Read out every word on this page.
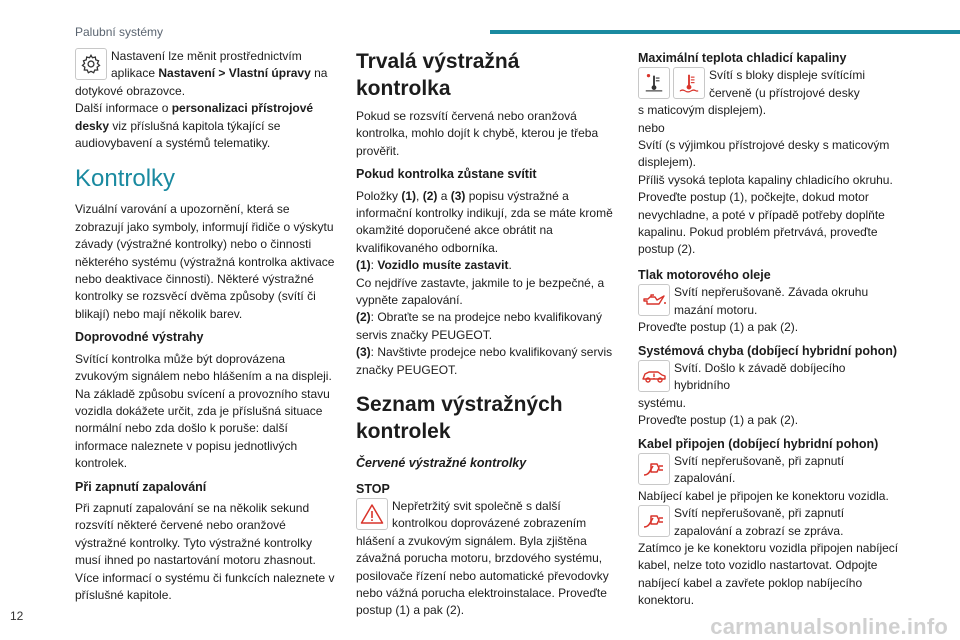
Palubní systémy

Nastavení lze měnit prostřednictvím

aplikace Nastavení > Vlastní úpravy na

dotykové obrazovce.

Další informace o personalizaci přístrojové

desky viz příslušná kapitola týkající se

audiovybavení a systémů telematiky.

Kontrolky

Vizuální varování a upozornění, která se zobrazují jako symboly, informují řidiče o výskytu závady (výstražné kontrolky) nebo o činnosti některého systému (výstražná kontrolka aktivace nebo deaktivace činnosti). Některé výstražné kontrolky se rozsvěcí dvěma způsoby (svítí či blikají) nebo mají několik barev.

Doprovodné výstrahy

Svítící kontrolka může být doprovázena zvukovým signálem nebo hlášením a na displeji. Na základě způsobu svícení a provozního stavu vozidla dokážete určit, zda je příslušná situace normální nebo zda došlo k poruše: další informace naleznete v popisu jednotlivých kontrolek.

Při zapnutí zapalování

Při zapnutí zapalování se na několik sekund rozsvítí některé červené nebo oranžové výstražné kontrolky. Tyto výstražné kontrolky musí ihned po nastartování motoru zhasnout. Více informací o systému či funkcích naleznete v příslušné kapitole.

Trvalá výstražná kontrolka

Pokud se rozsvítí červená nebo oranžová kontrolka, mohlo dojít k chybě, kterou je třeba prověřit.

Pokud kontrolka zůstane svítit

Položky (1), (2) a (3) popisu výstražné a informační kontrolky indikují, zda se máte kromě okamžité doporučené akce obrátit na kvalifikovaného odborníka.

(1): Vozidlo musíte zastavit.

Co nejdříve zastavte, jakmile to je bezpečné, a vypněte zapalování.

(2): Obraťte se na prodejce nebo kvalifikovaný servis značky PEUGEOT.

(3): Navštivte prodejce nebo kvalifikovaný servis značky PEUGEOT.

Seznam výstražných kontrolek
Červené výstražné kontrolky
STOP

Nepřetržitý svit společně s další kontrolkou doprovázené zobrazením

hlášení a zvukovým signálem. Byla zjištěna závažná porucha motoru, brzdového systému, posilovače řízení nebo automatické převodovky nebo vážná porucha elektroinstalace. Proveďte postup (1) a pak (2).

Maximální teplota chladicí kapaliny

Svítí s bloky displeje svítícími červeně (u přístrojové desky

s maticovým displejem).

nebo

Svítí (s výjimkou přístrojové desky s maticovým displejem).

Příliš vysoká teplota kapaliny chladicího okruhu. Proveďte postup (1), počkejte, dokud motor nevychladne, a poté v případě potřeby doplňte kapalinu. Pokud problém přetrvává, proveďte postup (2).

Tlak motorového oleje

Svítí nepřerušovaně. Závada okruhu mazání motoru.

Proveďte postup (1) a pak (2).

Systémová chyba (dobíjecí hybridní pohon)

Svítí. Došlo k závadě dobíjecího hybridního

systému.

Proveďte postup (1) a pak (2).

Kabel připojen (dobíjecí hybridní pohon)

Svítí nepřerušovaně, při zapnutí zapalování.

Nabíjecí kabel je připojen ke konektoru vozidla.

Svítí nepřerušovaně, při zapnutí zapalování a zobrazí se zpráva.

Zatímco je ke konektoru vozidla připojen nabíjecí kabel, nelze toto vozidlo nastartovat. Odpojte nabíjecí kabel a zavřete poklop nabíjecího konektoru.

12	carmanualsonline.info
